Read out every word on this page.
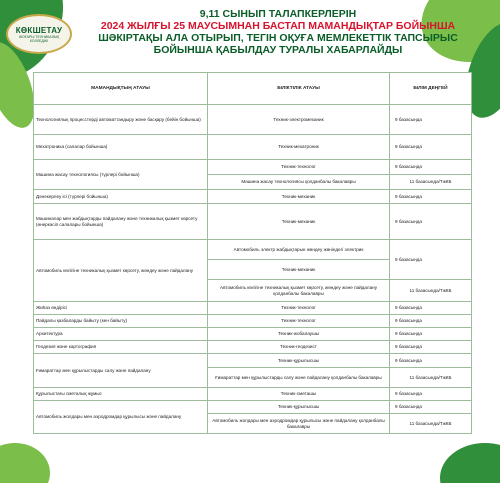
КӨКШЕТАУ
ЖОҒАРЫ ТЕХНИКАЛЫҚ КОЛЛЕДЖІ
9,11 СЫНЫП ТАЛАПКЕРЛЕРІН
2024 ЖЫЛҒЫ 25 МАУСЫМНАН БАСТАП МАМАНДЫҚТАР БОЙЫНША
ШӘКІРТАҚЫ АЛА ОТЫРЫП, ТЕГІН ОҚУҒА МЕМЛЕКЕТТІК ТАПСЫРЫС
БОЙЫНША ҚАБЫЛДАУ ТУРАЛЫ ХАБАРЛАЙДЫ
МАМАНДЫҚТЫҢ АТАУЫ	БІЛІКТІЛІК АТАУЫ	БІЛІМ ДЕҢГЕЙ
Технологиялық процесстерді автоматтандыру және басқару (бейін бойынша)	Техник-электромеханик	9 базасында
Мехатроника (салалар бойынша)	Техник-мехатроник	9 базасында
Машина жасау технологиясы (түрлері бойынша)	Техник-технолог	9 базасында
	Машина жасау технологиясы қолданбалы бакалавры	11 базасында/ТжКБ
Дәнекерлеу ісі (түрлері бойынша)	Техник-механик	9 базасында
Машиналар мен жабдықтарды пайдалану және техникалық қызмет көрсету (өнеркәсіп салалары бойынша)	Техник-механик	9 базасында
Автомобиль көлігіне техникалық қызмет көрсету, жөндеу және пайдалану	Автомобиль электр жабдықтарын жөндеу жөніндегі электрик	9 базасында
	Техник-механик	
	Автомобиль көлігіне техникалық қызмет көрсету, жөндеу және пайдалану қолданбалы бакалавры	11 базасында/ТжКБ
Жиһаз өндірісі	Техник-технолог	9 базасында
Пайдалы қазбаларды байыту (кен байыту)	Техник-технолог	9 базасында
Архитектура	Техник-жобалаушы	9 базасында
Геодезия және картография	Техник-геодезист	9 базасында
Ғимараттар мен құрылыстарды салу және пайдалану	Техник-құрылысшы	9 базасында
	Ғимараттар мен құрылыстарды салу және пайдалану қолданбалы бакалавры	11 базасында/ТжКБ
Құрылыстағы сметалық жұмыс	Техник-сметашы	9 базасында
Автомобиль жолдары мен аэродромдар құрылысы және пайдалану	Техник-құрылысшы	9 базасында
	Автомобиль жолдары мен аэродромдар құрылысы және пайдалану қолданбалы бакалавры	11 базасында/ТжКБ
